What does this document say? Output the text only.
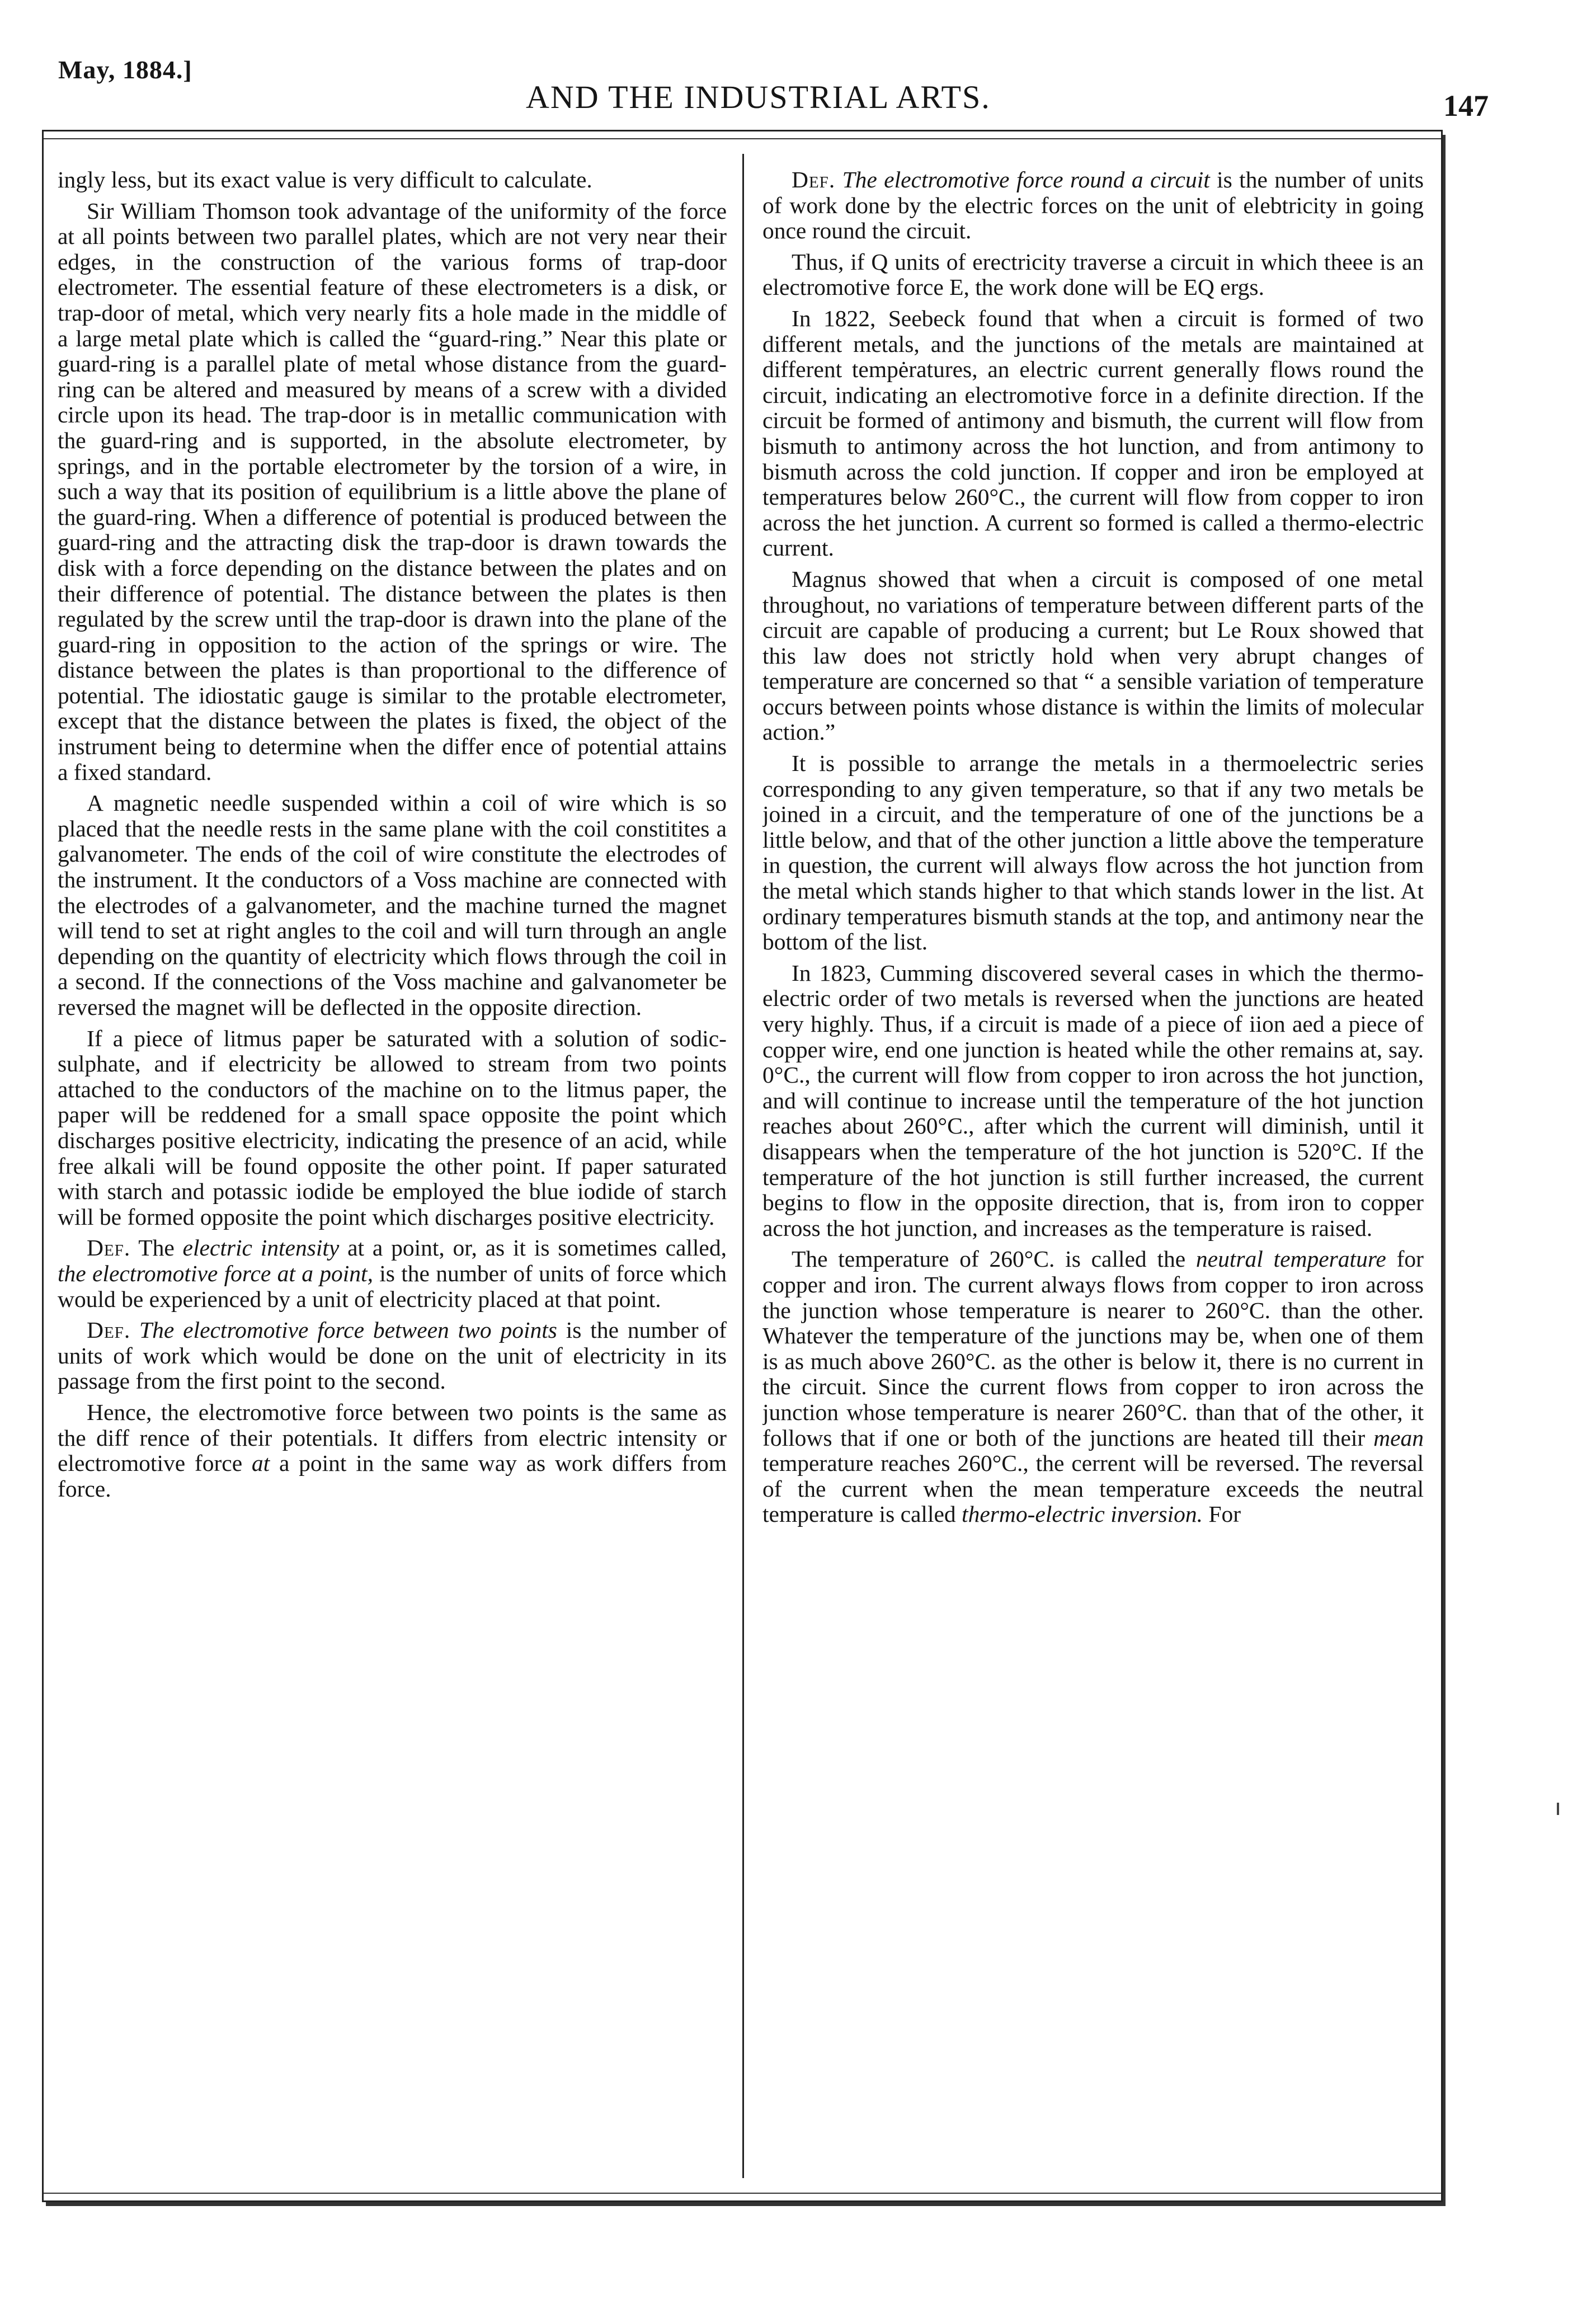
May, 1884.]
AND THE INDUSTRIAL ARTS.	147

ingly less, but its exact value is very difficult to calculate.

Sir William Thomson took advantage of the uniformity of the force at all points between two parallel plates, which are not very near their edges, in the construction of the various forms of trap-door electrometer. The essential feature of these electrometers is a disk, or trap-door of metal, which very nearly fits a hole made in the middle of a large metal plate which is called the “guard-ring.” Near this plate or guard-ring is a parallel plate of metal whose distance from the guard-ring can be altered and measured by means of a screw with a divided circle upon its head. The trap-door is in metallic communication with the guard-ring and is supported, in the absolute electrometer, by springs, and in the portable electrometer by the torsion of a wire, in such a way that its position of equilibrium is a little above the plane of the guard-ring. When a difference of potential is produced between the guard-ring and the attracting disk the trap-door is drawn towards the disk with a force depending on the distance between the plates and on their difference of potential. The distance between the plates is then regulated by the screw until the trap-door is drawn into the plane of the guard-ring in opposition to the action of the springs or wire. The distance between the plates is than proportional to the difference of potential. The idiostatic gauge is similar to the protable electrometer, except that the distance between the plates is fixed, the object of the instrument being to determine when the differ ence of potential attains a fixed standard.

A magnetic needle suspended within a coil of wire which is so placed that the needle rests in the same plane with the coil constitites a galvanometer. The ends of the coil of wire constitute the electrodes of the instrument. It the conductors of a Voss machine are connected with the electrodes of a galvanometer, and the machine turned the magnet will tend to set at right angles to the coil and will turn through an angle depending on the quantity of electricity which flows through the coil in a second. If the connections of the Voss machine and galvanometer be reversed the magnet will be deflected in the opposite direction.

If a piece of litmus paper be saturated with a solution of sodic-sulphate, and if electricity be allowed to stream from two points attached to the conductors of the machine on to the litmus paper, the paper will be reddened for a small space opposite the point which discharges positive electricity, indicating the presence of an acid, while free alkali will be found opposite the other point. If paper saturated with starch and potassic iodide be employed the blue iodide of starch will be formed opposite the point which discharges positive electricity.

Def. The electric intensity at a point, or, as it is sometimes called, the electromotive force at a point, is the number of units of force which would be experienced by a unit of electricity placed at that point.

Def. The electromotive force between two points is the number of units of work which would be done on the unit of electricity in its passage from the first point to the second.

Hence, the electromotive force between two points is the same as the diff rence of their potentials. It differs from electric intensity or electromotive force at a point in the same way as work differs from force.

Def. The electromotive force round a circuit is the number of units of work done by the electric forces on the unit of elebtricity in going once round the circuit.

Thus, if Q units of erectricity traverse a circuit in which theee is an electromotive force E, the work done will be EQ ergs.

In 1822, Seebeck found that when a circuit is formed of two different metals, and the junctions of the metals are maintained at different tempėratures, an electric current generally flows round the circuit, indicating an electromotive force in a definite direction. If the circuit be formed of antimony and bismuth, the current will flow from bismuth to antimony across the hot lunction, and from antimony to bismuth across the cold junction. If copper and iron be employed at temperatures below 260°C., the current will flow from copper to iron across the het junction. A current so formed is called a thermo-electric current.

Magnus showed that when a circuit is composed of one metal throughout, no variations of temperature between different parts of the circuit are capable of producing a current; but Le Roux showed that this law does not strictly hold when very abrupt changes of temperature are concerned so that “ a sensible variation of temperature occurs between points whose distance is within the limits of molecular action.”

It is possible to arrange the metals in a thermoelectric series corresponding to any given temperature, so that if any two metals be joined in a circuit, and the temperature of one of the junctions be a little below, and that of the other junction a little above the temperature in question, the current will always flow across the hot junction from the metal which stands higher to that which stands lower in the list. At ordinary temperatures bismuth stands at the top, and antimony near the bottom of the list.

In 1823, Cumming discovered several cases in which the thermo-electric order of two metals is reversed when the junctions are heated very highly. Thus, if a circuit is made of a piece of iion aed a piece of copper wire, end one junction is heated while the other remains at, say. 0°C., the current will flow from copper to iron across the hot junction, and will continue to increase until the temperature of the hot junction reaches about 260°C., after which the current will diminish, until it disappears when the temperature of the hot junction is 520°C. If the temperature of the hot junction is still further increased, the current begins to flow in the opposite direction, that is, from iron to copper across the hot junction, and increases as the temperature is raised.

The temperature of 260°C. is called the neutral temperature for copper and iron. The current always flows from copper to iron across the junction whose temperature is nearer to 260°C. than the other. Whatever the temperature of the junctions may be, when one of them is as much above 260°C. as the other is below it, there is no current in the circuit. Since the current flows from copper to iron across the junction whose temperature is nearer 260°C. than that of the other, it follows that if one or both of the junctions are heated till their mean temperature reaches 260°C., the cerrent will be reversed. The reversal of the current when the mean temperature exceeds the neutral temperature is called thermo-electric inversion. For
